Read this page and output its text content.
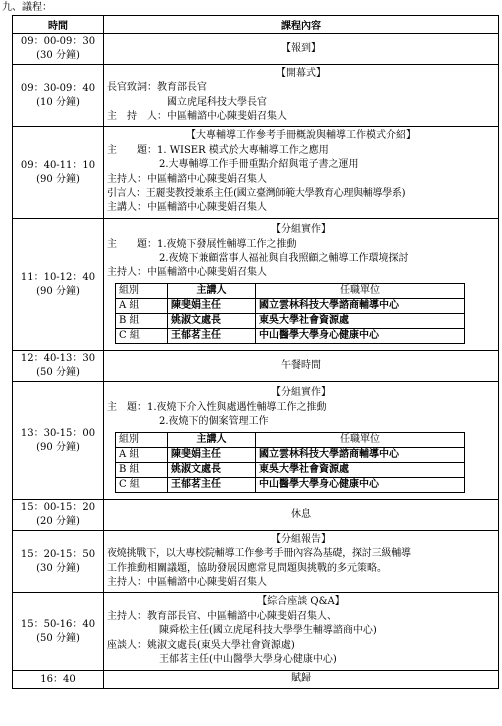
九、議程：
時間	課程內容

09：00-09：30
(30 分鐘)

【報到】

09：30-09：40
(10 分鐘)

【開幕式】
長官致詞：教育部長官
國立虎尾科技大學長官
主　持　人：中區輔諮中心陳斐娟召集人

09：40-11：10
(90 分鐘)

【大專輔導工作參考手冊概說與輔導工作模式介紹】
主　　題：1. WISER 模式於大專輔導工作之應用
2.大專輔導工作手冊重點介紹與電子書之運用
主持人：中區輔諮中心陳斐娟召集人
引言人：王麗斐教授兼系主任(國立臺灣師範大學教育心理與輔導學系)
主講人：中區輔諮中心陳斐娟召集人

11：10-12：40
(90 分鐘)

【分組實作】
主　　題：1.夜燒下發展性輔導工作之推動
2.夜燒下兼顧當事人福祉與自我照顧之輔導工作環境探討
主持人：中區輔諮中心陳斐娟召集人
組別	主講人	任職單位
A 組	陳斐娟主任	國立雲林科技大學諮商輔導中心
B 組	姚淑文處長	東吳大學社會資源處
C 組	王郁茗主任	中山醫學大學身心健康中心

12：40-13：30
(50 分鐘)

午餐時間

13：30-15：00
(90 分鐘)

【分組實作】
主　題：1.夜燒下介入性與處遇性輔導工作之推動
2.夜燒下的個案管理工作
組別	主講人	任職單位
A 組	陳斐娟主任	國立雲林科技大學諮商輔導中心
B 組	姚淑文處長	東吳大學社會資源處
C 組	王郁茗主任	中山醫學大學身心健康中心

15：00-15：20
(20 分鐘)

休息

15：20-15：50
(30 分鐘)

【分組報告】
夜燒挑戰下，以大專校院輔導工作參考手冊內容為基礎，探討三級輔導
工作推動相關議題，協助發展因應常見問題與挑戰的多元策略。
主持人：中區輔諮中心陳斐娟召集人

15：50-16：40
(50 分鐘)

【綜合座談 Q&A】
主持人：教育部長官、中區輔諮中心陳斐娟召集人、
陳舜松主任(國立虎尾科技大學學生輔導諮商中心)
座談人：姚淑文處長(東吳大學社會資源處)
王郁茗主任(中山醫學大學身心健康中心)

16：40	賦歸
